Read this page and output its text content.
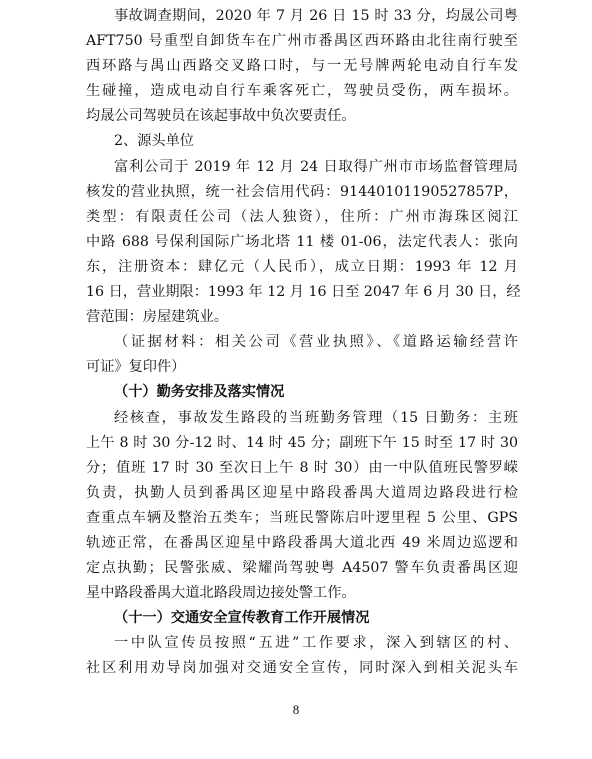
事故调查期间，2020 年 7 月 26 日 15 时 33 分，均晟公司粤
AFT750 号重型自卸货车在广州市番禺区西环路由北往南行驶至
西环路与禺山西路交叉路口时，与一无号牌两轮电动自行车发
生碰撞，造成电动自行车乘客死亡，驾驶员受伤，两车损坏。
均晟公司驾驶员在该起事故中负次要责任。
2、源头单位
富利公司于 2019 年 12 月 24 日取得广州市市场监督管理局
核发的营业执照，统一社会信用代码：91440101190527857P，
类型：有限责任公司（法人独资），住所：广州市海珠区阅江
中路 688 号保利国际广场北塔 11 楼 01-06，法定代表人：张向
东，注册资本：肆亿元（人民币），成立日期：1993 年 12 月
16 日，营业期限：1993 年 12 月 16 日至 2047 年 6 月 30 日，经
营范围：房屋建筑业。
（证据材料：相关公司《营业执照》、《道路运输经营许
可证》复印件）
（十）勤务安排及落实情况
经核查，事故发生路段的当班勤务管理（15 日勤务：主班
上午 8 时 30 分-12 时、14 时 45 分；副班下午 15 时至 17 时 30
分；值班 17 时 30 至次日上午 8 时 30）由一中队值班民警罗嵘
负责，执勤人员到番禺区迎星中路段番禺大道周边路段进行检
查重点车辆及整治五类车；当班民警陈启叶逻里程 5 公里、GPS
轨迹正常，在番禺区迎星中路段番禺大道北西 49 米周边巡逻和
定点执勤；民警张威、梁耀尚驾驶粤 A4507 警车负责番禺区迎
星中路段番禺大道北路段周边接处警工作。
（十一）交通安全宣传教育工作开展情况
一中队宣传员按照“五进”工作要求，深入到辖区的村、
社区利用劝导岗加强对交通安全宣传，同时深入到相关泥头车
8
